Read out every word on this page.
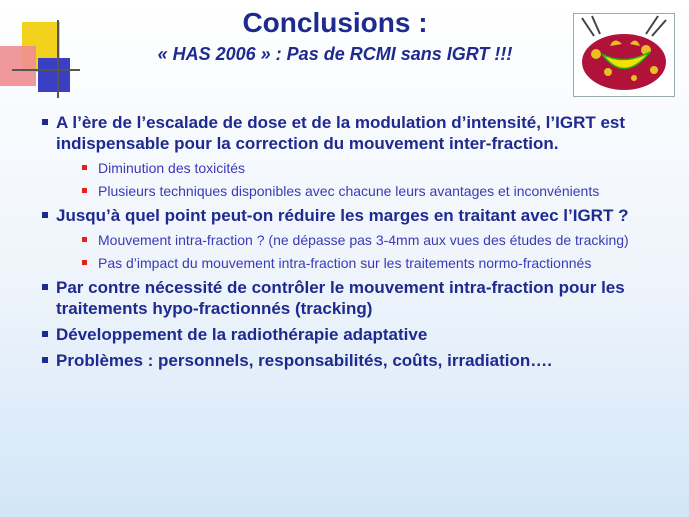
Conclusions :
« HAS 2006 » : Pas de RCMI sans IGRT !!!
A l’ère de l’escalade de dose et de la modulation d’intensité, l’IGRT est indispensable pour la correction du mouvement inter-fraction.
Diminution des toxicités
Plusieurs techniques disponibles avec chacune leurs avantages et inconvénients
Jusqu’à quel point peut-on réduire les marges en traitant avec l’IGRT ?
Mouvement intra-fraction ? (ne dépasse pas 3-4mm aux vues des études de tracking)
Pas d’impact du mouvement intra-fraction sur les traitements normo-fractionnés
Par contre nécessité de contrôler le mouvement intra-fraction pour les traitements hypo-fractionnés (tracking)
Développement de la radiothérapie adaptative
Problèmes : personnels, responsabilités, coûts, irradiation….
